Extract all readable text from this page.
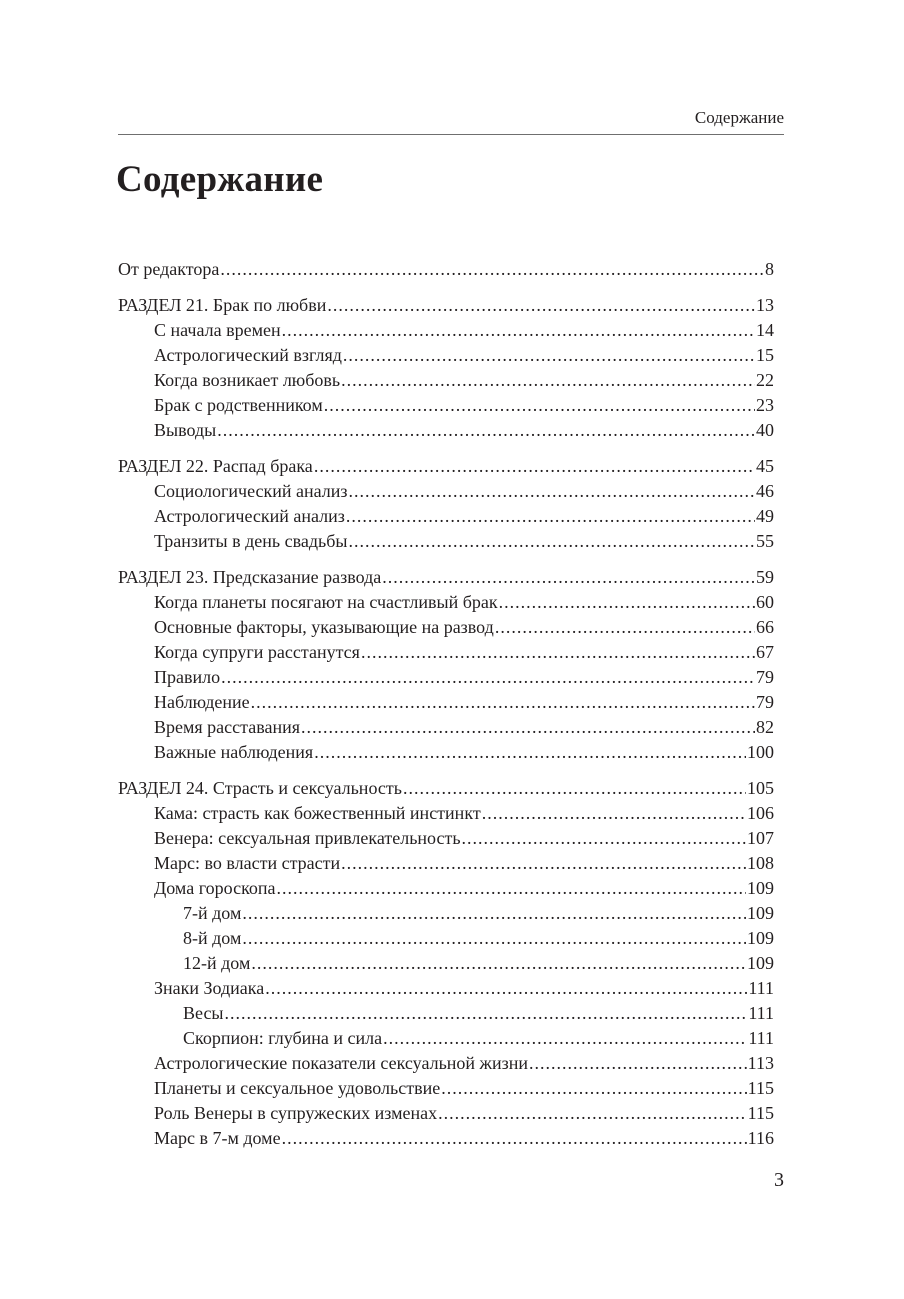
Содержание
Содержание
От редактора .....	8
РАЗДЕЛ 21. Брак по любви .....	13
С начала времен .....	14
Астрологический взгляд .....	15
Когда возникает любовь .....	22
Брак с родственником .....	23
Выводы .....	40
РАЗДЕЛ 22. Распад брака .....	45
Социологический анализ .....	46
Астрологический анализ .....	49
Транзиты в день свадьбы .....	55
РАЗДЕЛ 23. Предсказание развода .....	59
Когда планеты посягают на счастливый брак .....	60
Основные факторы, указывающие на развод .....	66
Когда супруги расстанутся .....	67
Правило .....	79
Наблюдение .....	79
Время расставания .....	82
Важные наблюдения .....	100
РАЗДЕЛ 24. Страсть и сексуальность .....	105
Кама: страсть как божественный инстинкт .....	106
Венера: сексуальная привлекательность .....	107
Марс: во власти страсти .....	108
Дома гороскопа .....	109
7-й дом .....	109
8-й дом .....	109
12-й дом .....	109
Знаки Зодиака .....	111
Весы .....	111
Скорпион: глубина и сила .....	111
Астрологические показатели сексуальной жизни .....	113
Планеты и сексуальное удовольствие .....	115
Роль Венеры в супружеских изменах .....	115
Марс в 7-м доме .....	116
3
